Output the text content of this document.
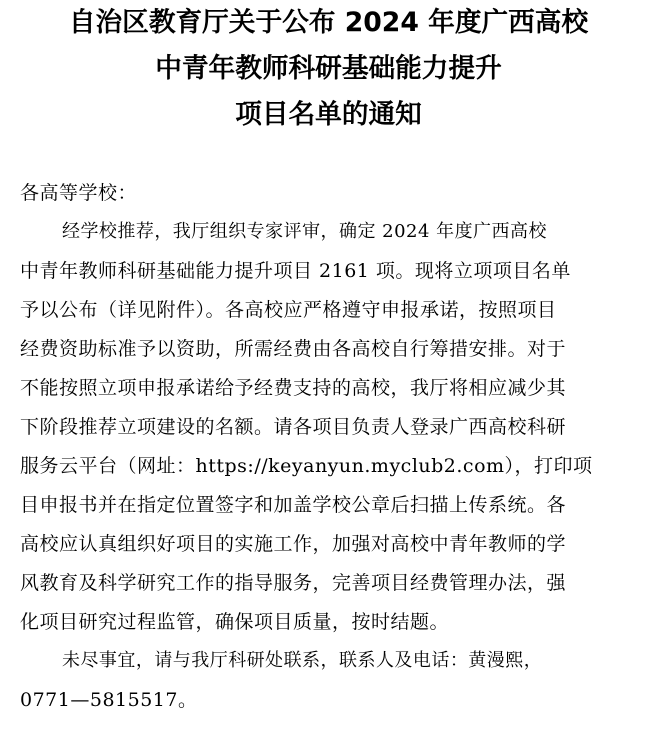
自治区教育厅关于公布 2024 年度广西高校
中青年教师科研基础能力提升
项目名单的通知
各高等学校：
经学校推荐，我厅组织专家评审，确定 2024 年度广西高校
中青年教师科研基础能力提升项目 2161 项。现将立项项目名单
予以公布（详见附件）。各高校应严格遵守申报承诺，按照项目
经费资助标准予以资助，所需经费由各高校自行筹措安排。对于
不能按照立项申报承诺给予经费支持的高校，我厅将相应减少其
下阶段推荐立项建设的名额。请各项目负责人登录广西高校科研
服务云平台（网址：https://keyanyun.myclub2.com），打印项
目申报书并在指定位置签字和加盖学校公章后扫描上传系统。各
高校应认真组织好项目的实施工作，加强对高校中青年教师的学
风教育及科学研究工作的指导服务，完善项目经费管理办法，强
化项目研究过程监管，确保项目质量，按时结题。
未尽事宜，请与我厅科研处联系，联系人及电话：黄漫熙，
0771—5815517。
